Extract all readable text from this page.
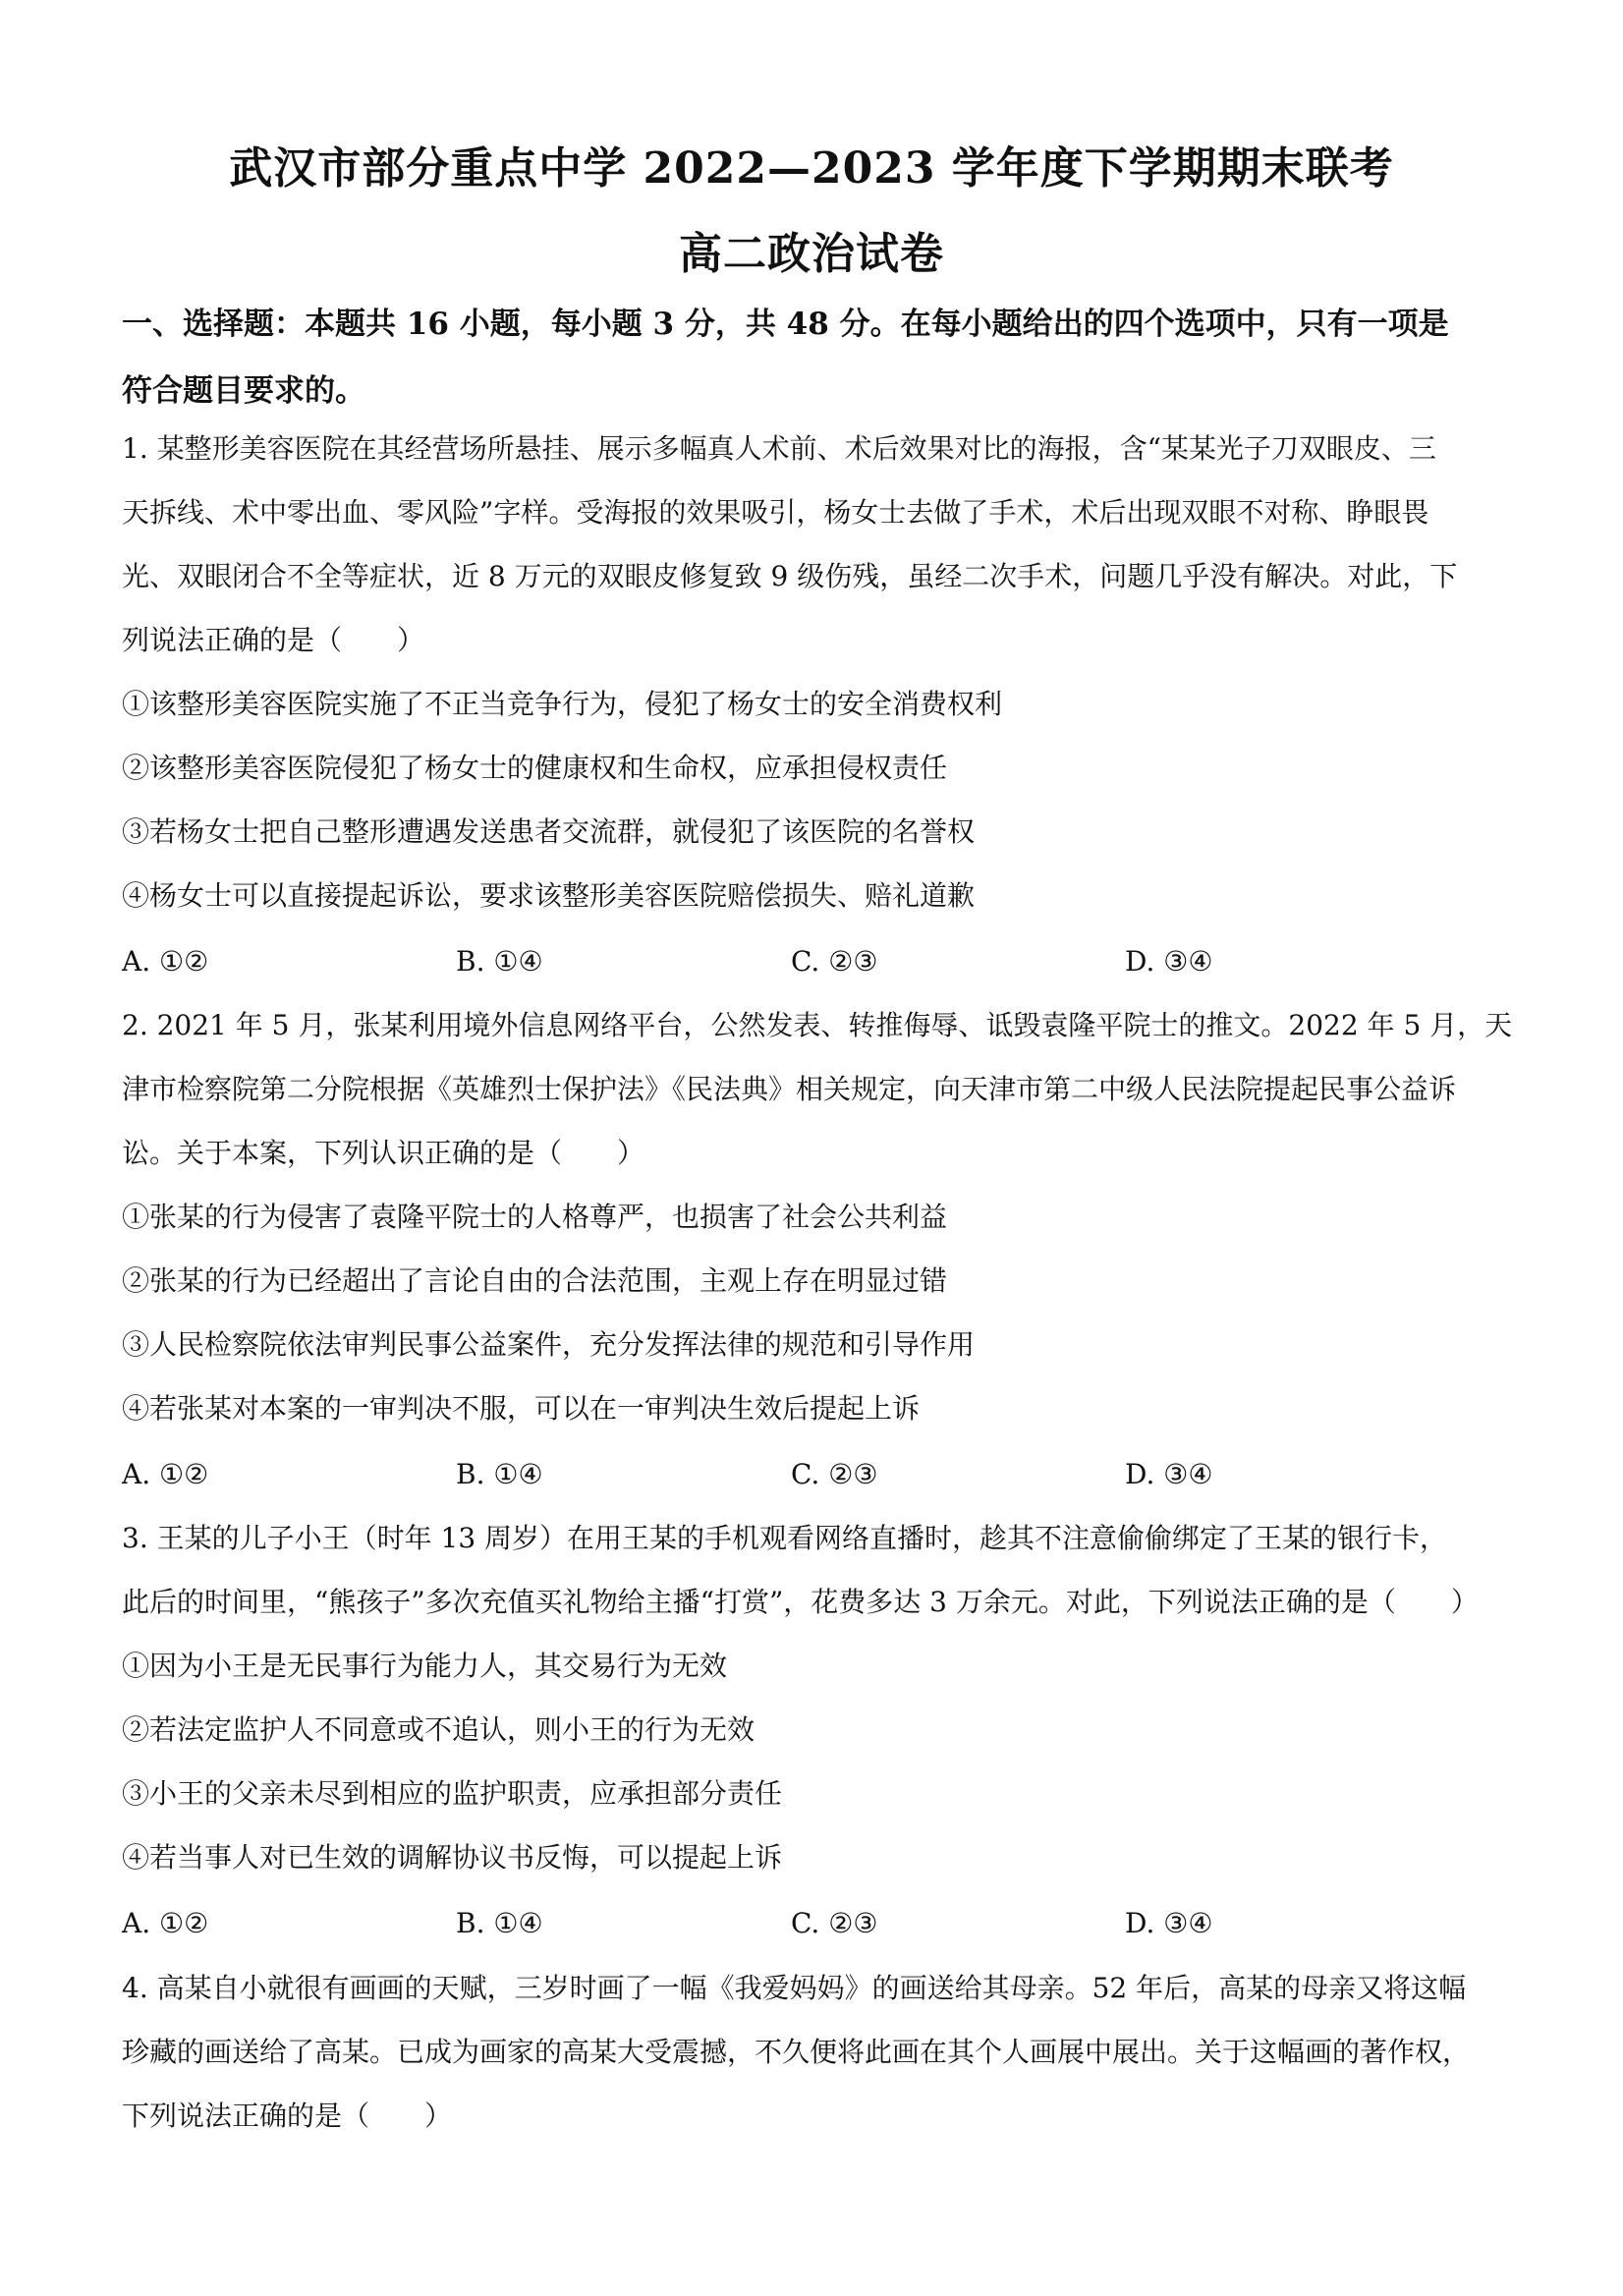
武汉市部分重点中学 2022—2023 学年度下学期期末联考
高二政治试卷
一、选择题：本题共 16 小题，每小题 3 分，共 48 分。在每小题给出的四个选项中，只有一项是
符合题目要求的。
1. 某整形美容医院在其经营场所悬挂、展示多幅真人术前、术后效果对比的海报，含“某某光子刀双眼皮、三
天拆线、术中零出血、零风险”字样。受海报的效果吸引，杨女士去做了手术，术后出现双眼不对称、睁眼畏
光、双眼闭合不全等症状，近 8 万元的双眼皮修复致 9 级伤残，虽经二次手术，问题几乎没有解决。对此，下
列说法正确的是（　　）
①该整形美容医院实施了不正当竞争行为，侵犯了杨女士的安全消费权利
②该整形美容医院侵犯了杨女士的健康权和生命权，应承担侵权责任
③若杨女士把自己整形遭遇发送患者交流群，就侵犯了该医院的名誉权
④杨女士可以直接提起诉讼，要求该整形美容医院赔偿损失、赔礼道歉
A. ①②	B. ①④	C. ②③	D. ③④
2. 2021 年 5 月，张某利用境外信息网络平台，公然发表、转推侮辱、诋毁袁隆平院士的推文。2022 年 5 月，天
津市检察院第二分院根据《英雄烈士保护法》《民法典》相关规定，向天津市第二中级人民法院提起民事公益诉
讼。关于本案，下列认识正确的是（　　）
①张某的行为侵害了袁隆平院士的人格尊严，也损害了社会公共利益
②张某的行为已经超出了言论自由的合法范围，主观上存在明显过错
③人民检察院依法审判民事公益案件，充分发挥法律的规范和引导作用
④若张某对本案的一审判决不服，可以在一审判决生效后提起上诉
A. ①②	B. ①④	C. ②③	D. ③④
3. 王某的儿子小王（时年 13 周岁）在用王某的手机观看网络直播时，趁其不注意偷偷绑定了王某的银行卡，
此后的时间里，“熊孩子”多次充值买礼物给主播“打赏”，花费多达 3 万余元。对此，下列说法正确的是（　　）
①因为小王是无民事行为能力人，其交易行为无效
②若法定监护人不同意或不追认，则小王的行为无效
③小王的父亲未尽到相应的监护职责，应承担部分责任
④若当事人对已生效的调解协议书反悔，可以提起上诉
A. ①②	B. ①④	C. ②③	D. ③④
4. 高某自小就很有画画的天赋，三岁时画了一幅《我爱妈妈》的画送给其母亲。52 年后，高某的母亲又将这幅
珍藏的画送给了高某。已成为画家的高某大受震撼，不久便将此画在其个人画展中展出。关于这幅画的著作权，
下列说法正确的是（　　）
